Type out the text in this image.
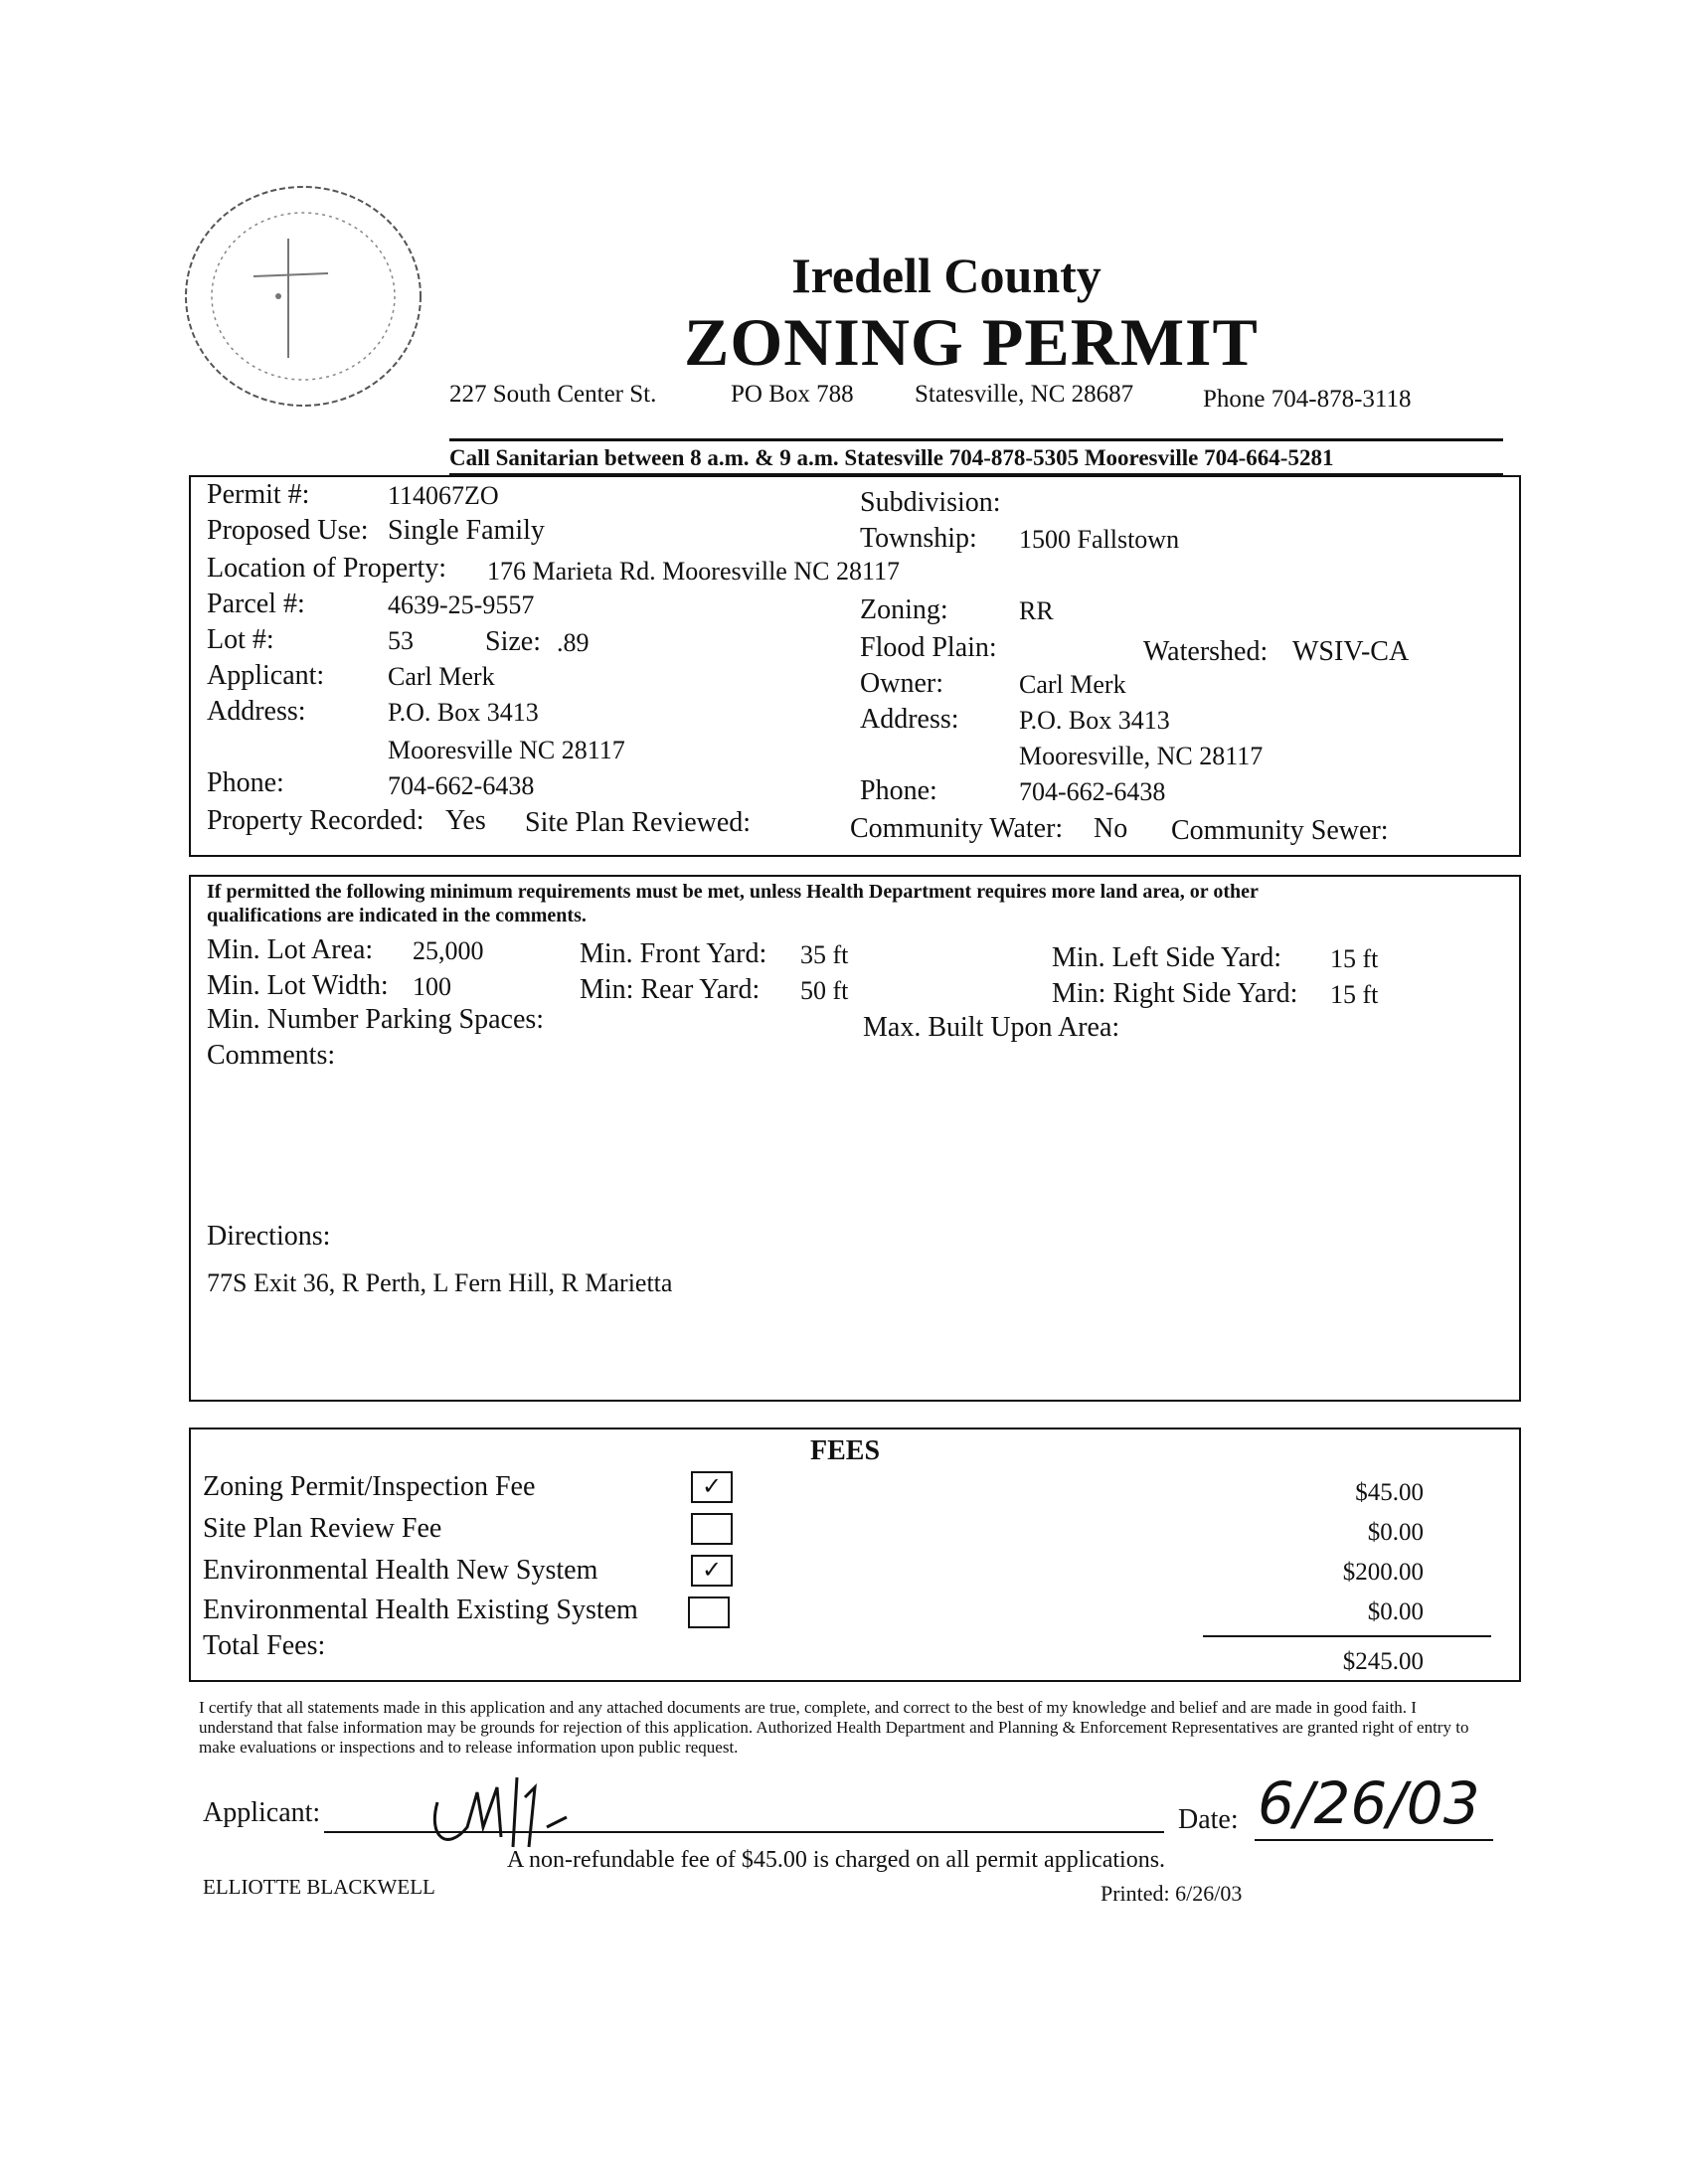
Iredell County
ZONING PERMIT
227 South Center St.	PO Box 788 Statesville, NC 28687	Phone 704-878-3118
Call Sanitarian between 8 a.m. & 9 a.m. Statesville 704-878-5305 Mooresville 704-664-5281
Permit #:	114067ZO	Subdivision:
Proposed Use: Single Family	Township: 1500 Fallstown
Location of Property: 176 Marieta Rd. Mooresville NC 28117
Parcel #:	4639-25-9557	Zoning:	RR
Lot #:	53	Size: .89	Flood Plain:	Watershed: WSIV-CA
Applicant: Carl Merk	Owner:	Carl Merk
Address:	P.O. Box 3413
Mooresville NC 28117
Address: P.O. Box 3413
Mooresville, NC 28117
Phone:	704-662-6438	Phone:	704-662-6438
Property Recorded: Yes Site Plan Reviewed:	Community Water: No Community Sewer:
If permitted the following minimum requirements must be met, unless Health Department requires more land area, or other
qualifications are indicated in the comments.
Min. Lot Area: 25,000	Min. Front Yard: 35 ft	Min. Left Side Yard: 15 ft
Min. Lot Width: 100	Min: Rear Yard: 50 ft	Min: Right Side Yard: 15 ft
Min. Number Parking Spaces:	Max. Built Upon Area:
Comments:
Directions:
77S Exit 36, R Perth, L Fern Hill, R Marietta
FEES
Zoning Permit/Inspection Fee	✓	$45.00
Site Plan Review Fee	$0.00
Environmental Health New System	✓	$200.00
Environmental Health Existing System	$0.00
Total Fees:
$245.00
I certify that all statements made in this application and any attached documents are true, complete, and correct to the best of my knowledge and belief and are made in good faith. I understand that false information may be grounds for rejection of this application. Authorized Health Department and Planning & Enforcement Representatives are granted right of entry to make evaluations or inspections and to release information upon public request.
Applicant:	Date: 6/26/03
A non-refundable fee of $45.00 is charged on all permit applications.
ELLIOTTE BLACKWELL	Printed: 6/26/03
